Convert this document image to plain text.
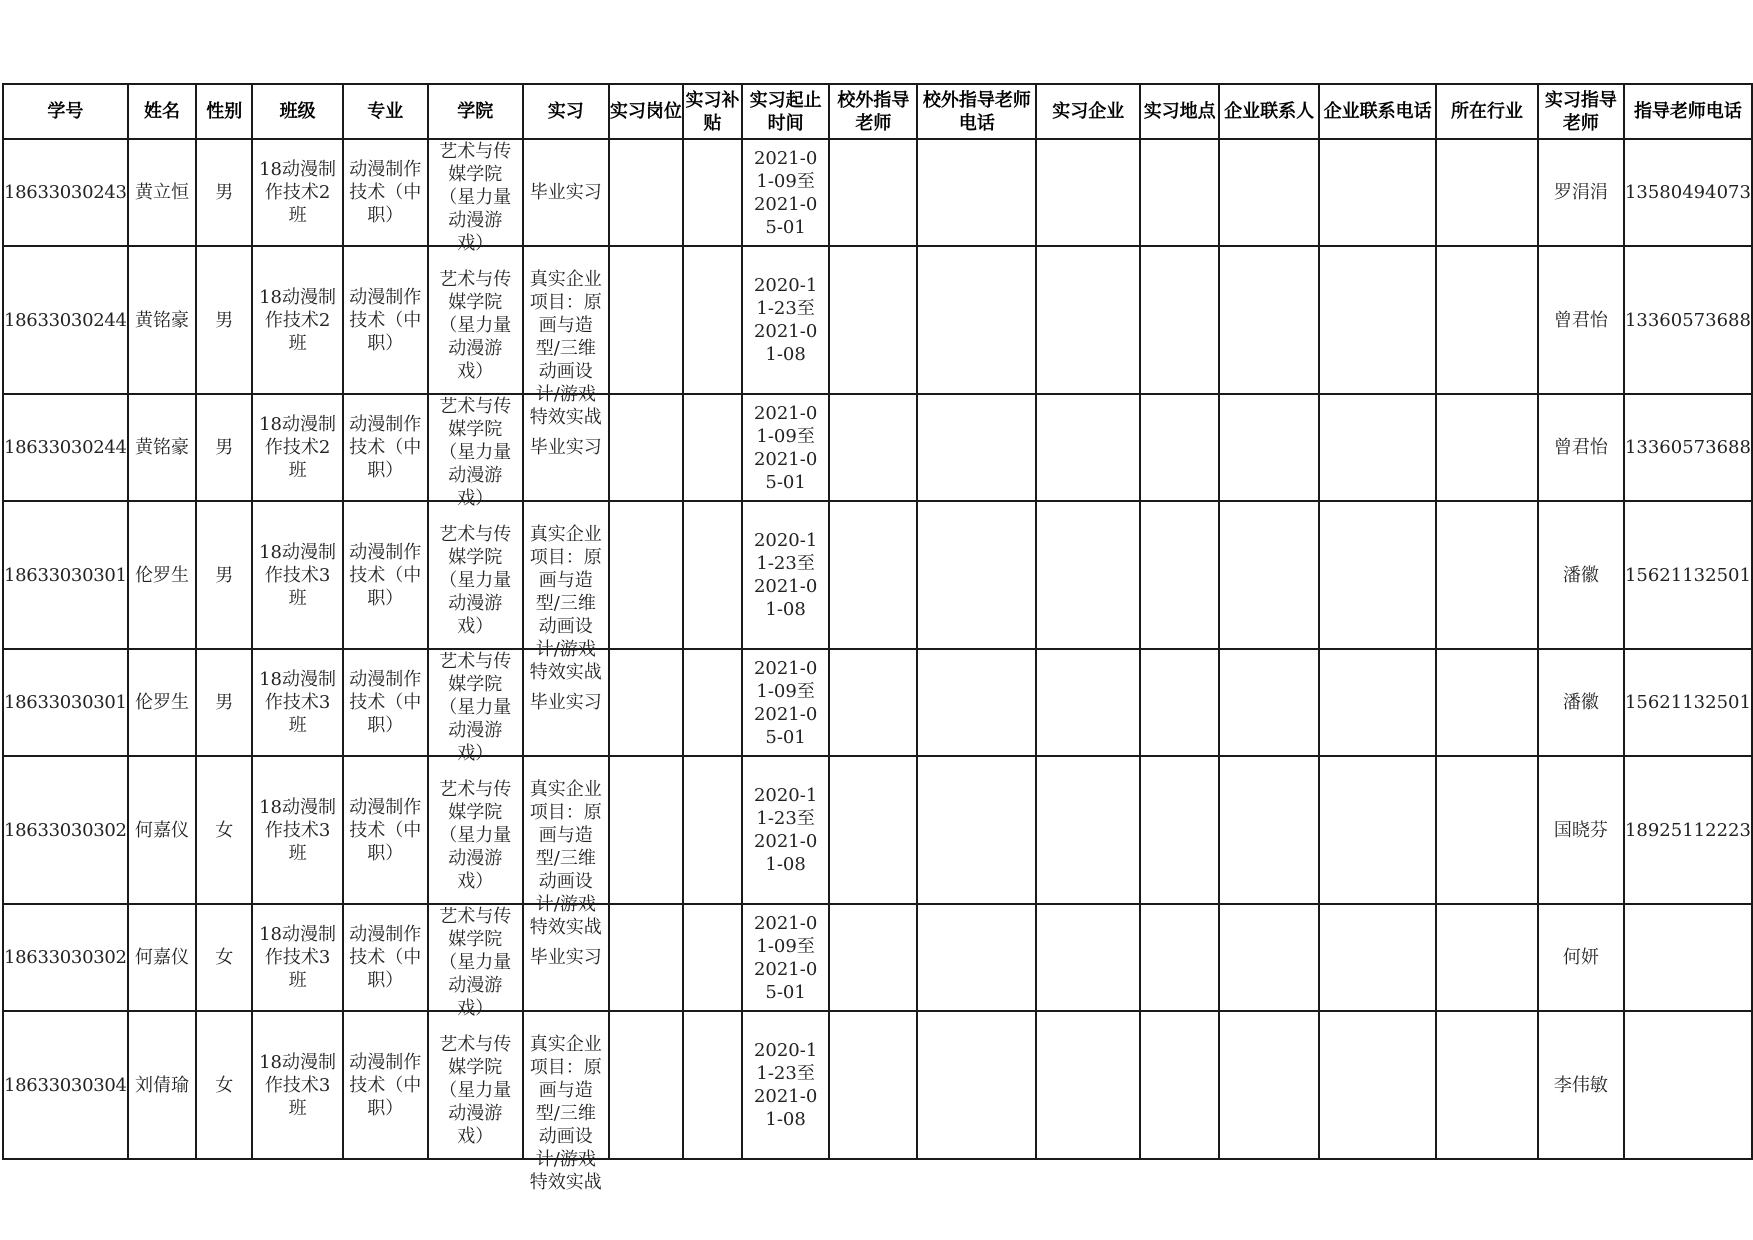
学号	姓名	性别	班级	专业	学院	实习	实习岗位	实习补贴	实习起止时间	校外指导老师	校外指导老师电话	实习企业	实习地点	企业联系人	企业联系电话	所在行业	实习指导老师	指导老师电话
18633030243	黄立恒	男	18动漫制作技术2班	动漫制作技术（中职）	艺术与传媒学院（星力量动漫游戏）	毕业实习			2021-01-09至2021-05-01								罗涓涓	13580494073
18633030244	黄铭豪	男	18动漫制作技术2班	动漫制作技术（中职）	艺术与传媒学院（星力量动漫游戏）	真实企业项目：原画与造型/三维动画设计/游戏特效实战			2020-11-23至2021-01-08								曾君怡	13360573688
18633030244	黄铭豪	男	18动漫制作技术2班	动漫制作技术（中职）	艺术与传媒学院（星力量动漫游戏）	毕业实习			2021-01-09至2021-05-01								曾君怡	13360573688
18633030301	伦罗生	男	18动漫制作技术3班	动漫制作技术（中职）	艺术与传媒学院（星力量动漫游戏）	真实企业项目：原画与造型/三维动画设计/游戏特效实战			2020-11-23至2021-01-08								潘徽	15621132501
18633030301	伦罗生	男	18动漫制作技术3班	动漫制作技术（中职）	艺术与传媒学院（星力量动漫游戏）	毕业实习			2021-01-09至2021-05-01								潘徽	15621132501
18633030302	何嘉仪	女	18动漫制作技术3班	动漫制作技术（中职）	艺术与传媒学院（星力量动漫游戏）	真实企业项目：原画与造型/三维动画设计/游戏特效实战			2020-11-23至2021-01-08								国晓芬	18925112223
18633030302	何嘉仪	女	18动漫制作技术3班	动漫制作技术（中职）	艺术与传媒学院（星力量动漫游戏）	毕业实习			2021-01-09至2021-05-01								何妍	
18633030304	刘倩瑜	女	18动漫制作技术3班	动漫制作技术（中职）	艺术与传媒学院（星力量动漫游戏）	真实企业项目：原画与造型/三维动画设计/游戏特效实战			2020-11-23至2021-01-08								李伟敏	
